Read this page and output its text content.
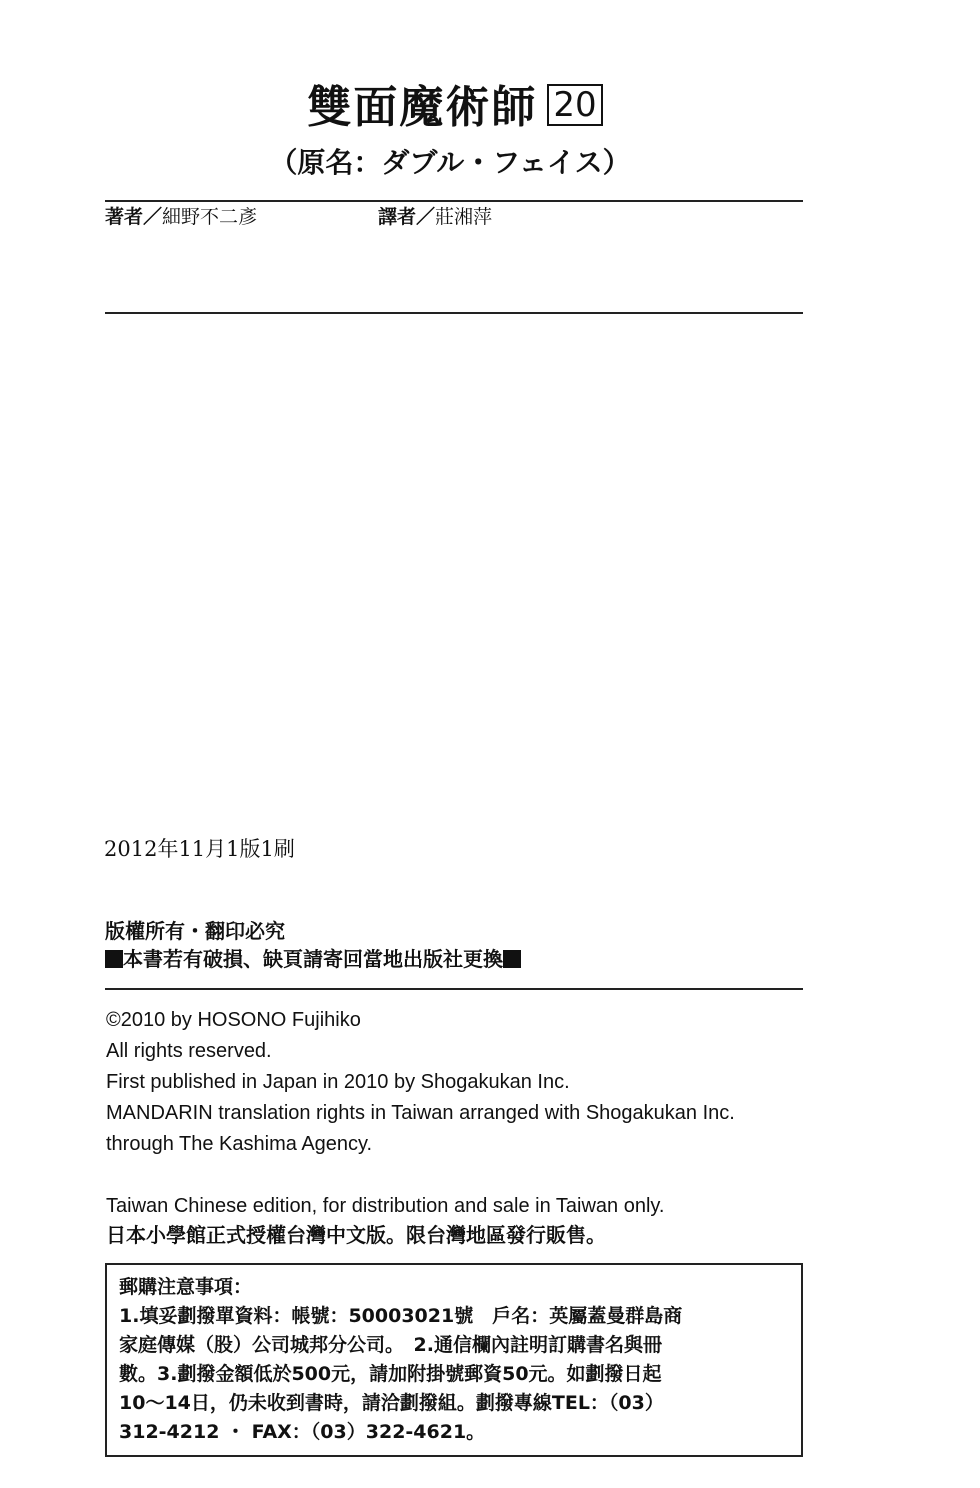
雙面魔術師 20
（原名：ダブル・フェイス）
著者／細野不二彥	譯者／莊湘萍
2012年11月1版1刷
版權所有・翻印必究
本書若有破損、缺頁請寄回當地出版社更換
©2010 by HOSONO Fujihiko
All rights reserved.
First published in Japan in 2010 by Shogakukan Inc.
MANDARIN translation rights in Taiwan arranged with Shogakukan Inc.
through The Kashima Agency.
Taiwan Chinese edition, for distribution and sale in Taiwan only.
日本小學館正式授權台灣中文版。限台灣地區發行販售。
郵購注意事項：
1.填妥劃撥單資料：帳號：50003021號　戶名：英屬蓋曼群島商
家庭傳媒（股）公司城邦分公司。　2.通信欄內註明訂購書名與冊
數。3.劃撥金額低於500元，請加附掛號郵資50元。如劃撥日起
10～14日，仍未收到書時，請洽劃撥組。劃撥專線TEL：（03）
312-4212 ・ FAX：（03）322-4621。
